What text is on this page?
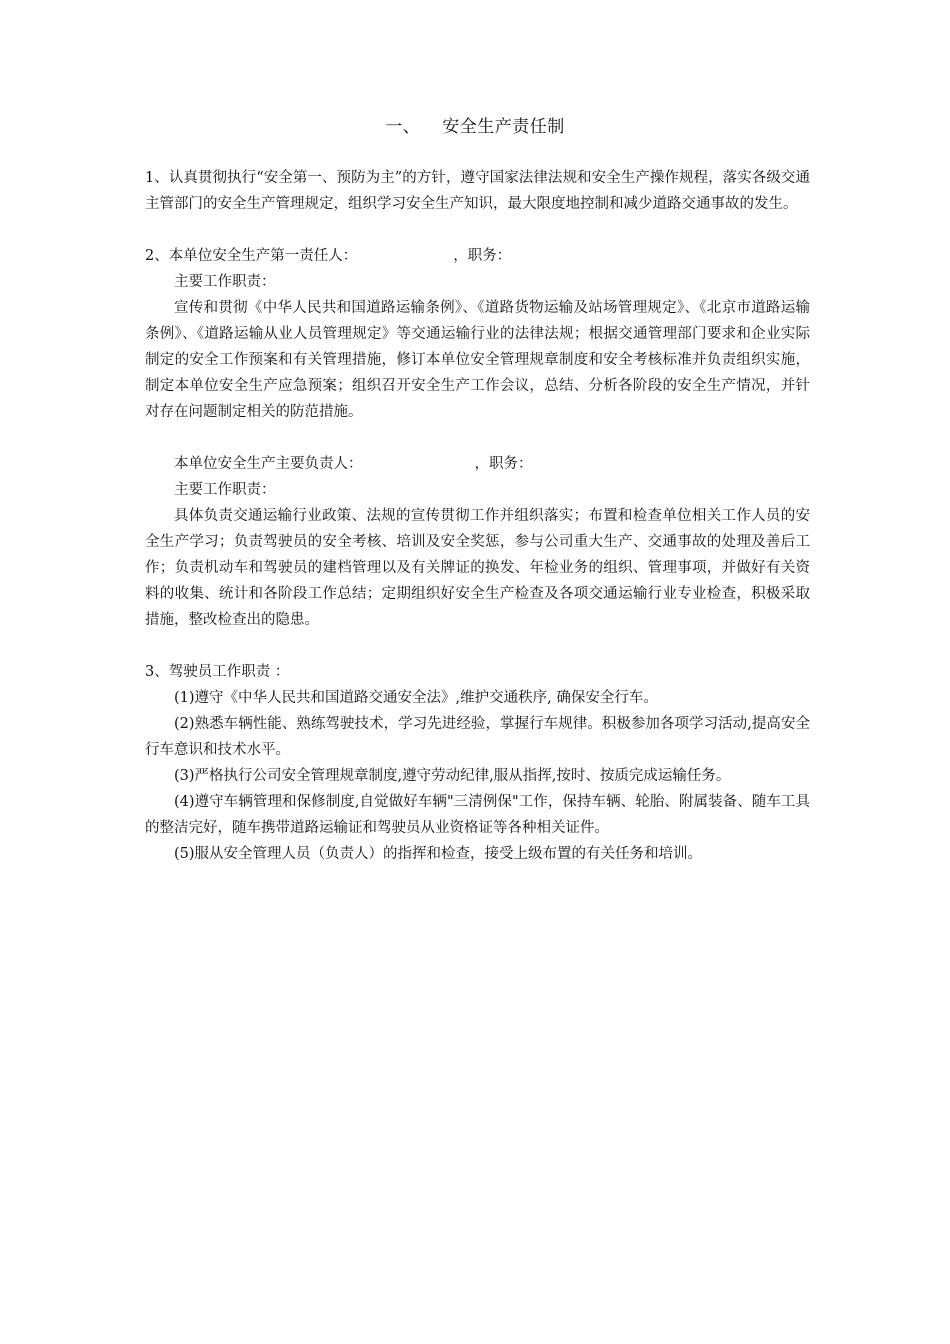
一、 安全生产责任制

1、认真贯彻执行“安全第一、预防为主”的方针，遵守国家法律法规和安全生产操作规程，落实各级交通主管部门的安全生产管理规定，组织学习安全生产知识，最大限度地控制和减少道路交通事故的发生。

2、本单位安全生产第一责任人：	，职务：

主要工作职责：

宣传和贯彻《中华人民共和国道路运输条例》、《道路货物运输及站场管理规定》、《北京市道路运输条例》、《道路运输从业人员管理规定》等交通运输行业的法律法规；根据交通管理部门要求和企业实际制定的安全工作预案和有关管理措施，修订本单位安全管理规章制度和安全考核标准并负责组织实施，制定本单位安全生产应急预案；组织召开安全生产工作会议，总结、分析各阶段的安全生产情况，并针对存在问题制定相关的防范措施。

本单位安全生产主要负责人：	，职务：

主要工作职责：

具体负责交通运输行业政策、法规的宣传贯彻工作并组织落实；布置和检查单位相关工作人员的安全生产学习；负责驾驶员的安全考核、培训及安全奖惩，参与公司重大生产、交通事故的处理及善后工作；负责机动车和驾驶员的建档管理以及有关牌证的换发、年检业务的组织、管理事项，并做好有关资料的收集、统计和各阶段工作总结；定期组织好安全生产检查及各项交通运输行业专业检查，积极采取措施，整改检查出的隐患。

3、驾驶员工作职责 ：

(1)遵守《中华人民共和国道路交通安全法》,维护交通秩序, 确保安全行车。

(2)熟悉车辆性能、熟练驾驶技术，学习先进经验，掌握行车规律。积极参加各项学习活动,提高安全行车意识和技术水平。

(3)严格执行公司安全管理规章制度,遵守劳动纪律,服从指挥,按时、按质完成运输任务。

(4)遵守车辆管理和保修制度,自觉做好车辆"三清例保"工作，保持车辆、轮胎、附属装备、随车工具的整洁完好，随车携带道路运输证和驾驶员从业资格证等各种相关证件。

(5)服从安全管理人员（负责人）的指挥和检查，接受上级布置的有关任务和培训。
